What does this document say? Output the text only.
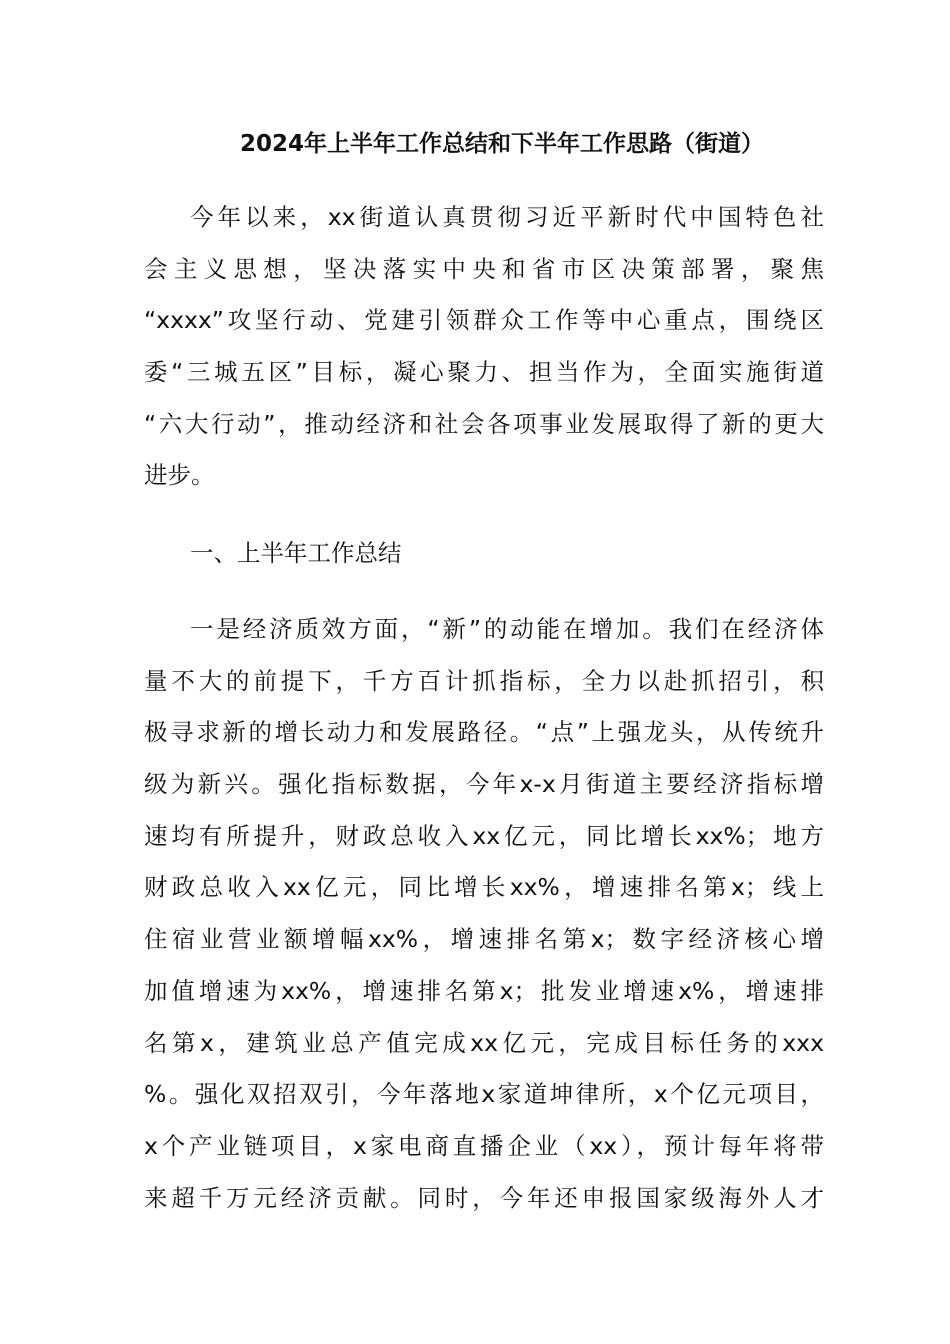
2024年上半年工作总结和下半年工作思路（街道）
今年以来，xx街道认真贯彻习近平新时代中国特色社
会主义思想，坚决落实中央和省市区决策部署，聚焦
“xxxx”攻坚行动、党建引领群众工作等中心重点，围绕区
委“三城五区”目标，凝心聚力、担当作为，全面实施街道
“六大行动”，推动经济和社会各项事业发展取得了新的更大
进步。
一、上半年工作总结
一是经济质效方面，“新”的动能在增加。我们在经济体
量不大的前提下，千方百计抓指标，全力以赴抓招引，积
极寻求新的增长动力和发展路径。“点”上强龙头，从传统升
级为新兴。强化指标数据，今年x-x月街道主要经济指标增
速均有所提升，财政总收入xx亿元，同比增长xx%；地方
财政总收入xx亿元，同比增长xx%，增速排名第x；线上
住宿业营业额增幅xx%，增速排名第x；数字经济核心增
加值增速为xx%，增速排名第x；批发业增速x%，增速排
名第x，建筑业总产值完成xx亿元，完成目标任务的xxx
%。强化双招双引，今年落地x家道坤律所，x个亿元项目，
x个产业链项目，x家电商直播企业（xx），预计每年将带
来超千万元经济贡献。同时，今年还申报国家级海外人才
